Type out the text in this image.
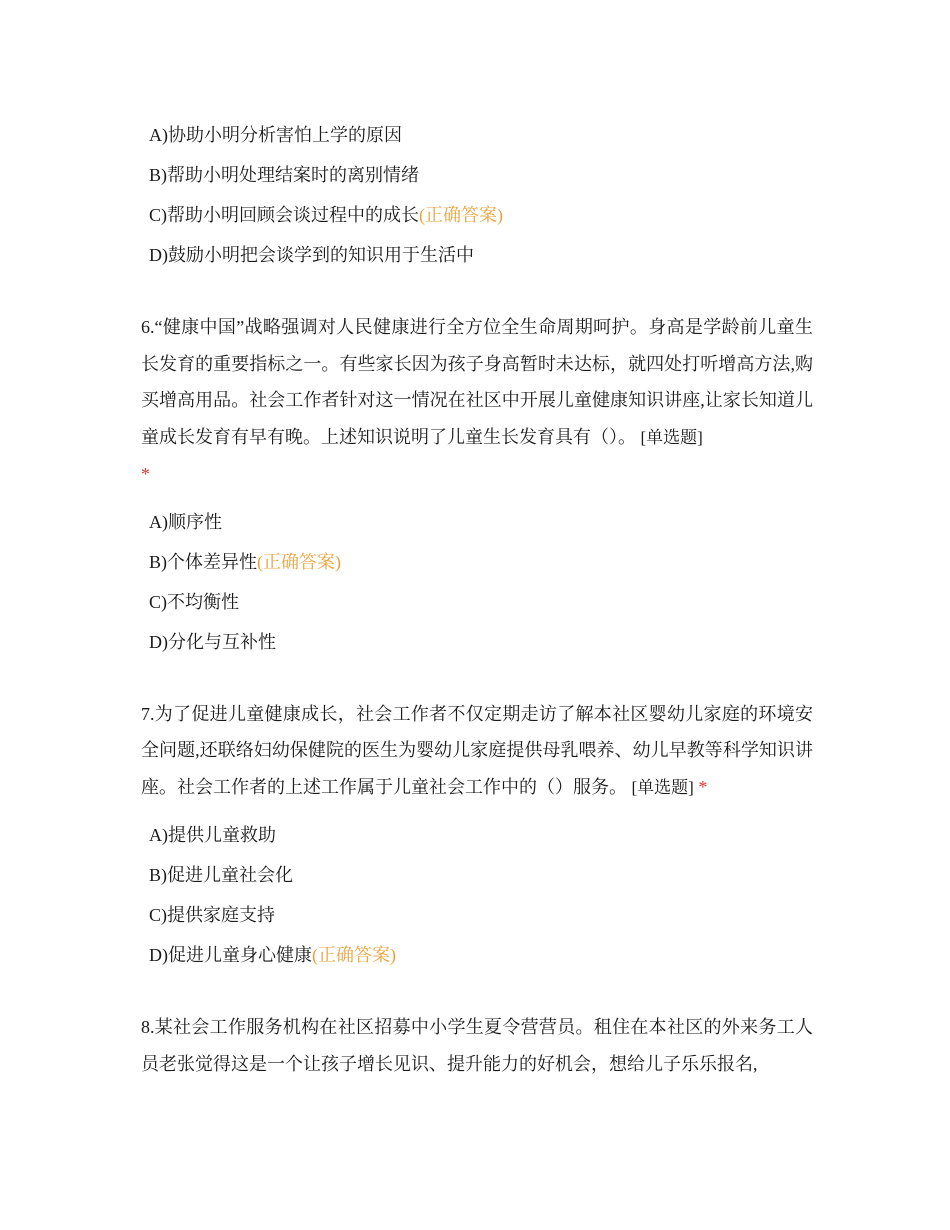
A)协助小明分析害怕上学的原因
B)帮助小明处理结案时的离别情绪
C)帮助小明回顾会谈过程中的成长(正确答案)
D)鼓励小明把会谈学到的知识用于生活中
6.“健康中国”战略强调对人民健康进行全方位全生命周期呵护。身高是学龄前儿童生长发育的重要指标之一。有些家长因为孩子身高暂时未达标，就四处打听增高方法,购买增高用品。社会工作者针对这一情况在社区中开展儿童健康知识讲座,让家长知道儿童成长发育有早有晚。上述知识说明了儿童生长发育具有（）。 [单选题]
*
A)顺序性
B)个体差异性(正确答案)
C)不均衡性
D)分化与互补性
7.为了促进儿童健康成长，社会工作者不仅定期走访了解本社区婴幼儿家庭的环境安全问题,还联络妇幼保健院的医生为婴幼儿家庭提供母乳喂养、幼儿早教等科学知识讲座。社会工作者的上述工作属于儿童社会工作中的（）服务。 [单选题] *
A)提供儿童救助
B)促进儿童社会化
C)提供家庭支持
D)促进儿童身心健康(正确答案)
8.某社会工作服务机构在社区招募中小学生夏令营营员。租住在本社区的外来务工人员老张觉得这是一个让孩子增长见识、提升能力的好机会，想给儿子乐乐报名,
